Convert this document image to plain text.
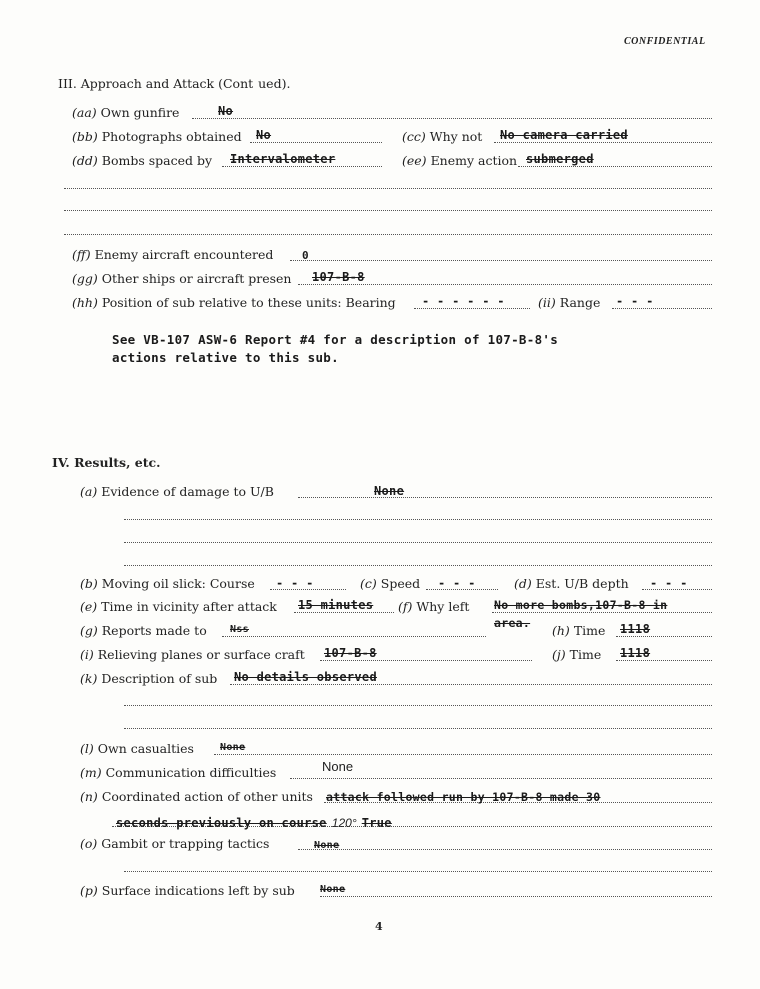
CONFIDENTIAL
III. Approach and Attack (Cont  ued).
(aa) Own gunfire	No
(bb) Photographs obtained No	(cc) Why not No camera carried
(dd) Bombs spaced by Intervalometer	(ee) Enemy action submerged
(ff) Enemy aircraft encountered	0
(gg) Other ships or aircraft presen 107-B-8
(hh) Position of sub relative to these units: Bearing - - - - - -	(ii) Range - - -
See VB-107 ASW-6 Report #4 for a description of 107-B-8's
actions relative to this sub.
IV. Results, etc.
(a) Evidence of damage to U/B	None
(b) Moving oil slick: Course - - -	(c) Speed - - -	(d) Est. U/B depth - - -
(e) Time in vicinity after attack 15 minutes (f) Why left No more bombs,107-B-8 in
area.
(g) Reports made to Nss	(h) Time 1118
(i) Relieving planes or surface craft 107-B-8	(j) Time 1118
(k) Description of sub No details observed
(l) Own casualties	None
(m) Communication difficulties	None
(n) Coordinated action of other units attack followed run by 107-B-8 made 30
seconds previously on course 120° True
(o) Gambit or trapping tactics	None
(p) Surface indications left by sub	None
4
